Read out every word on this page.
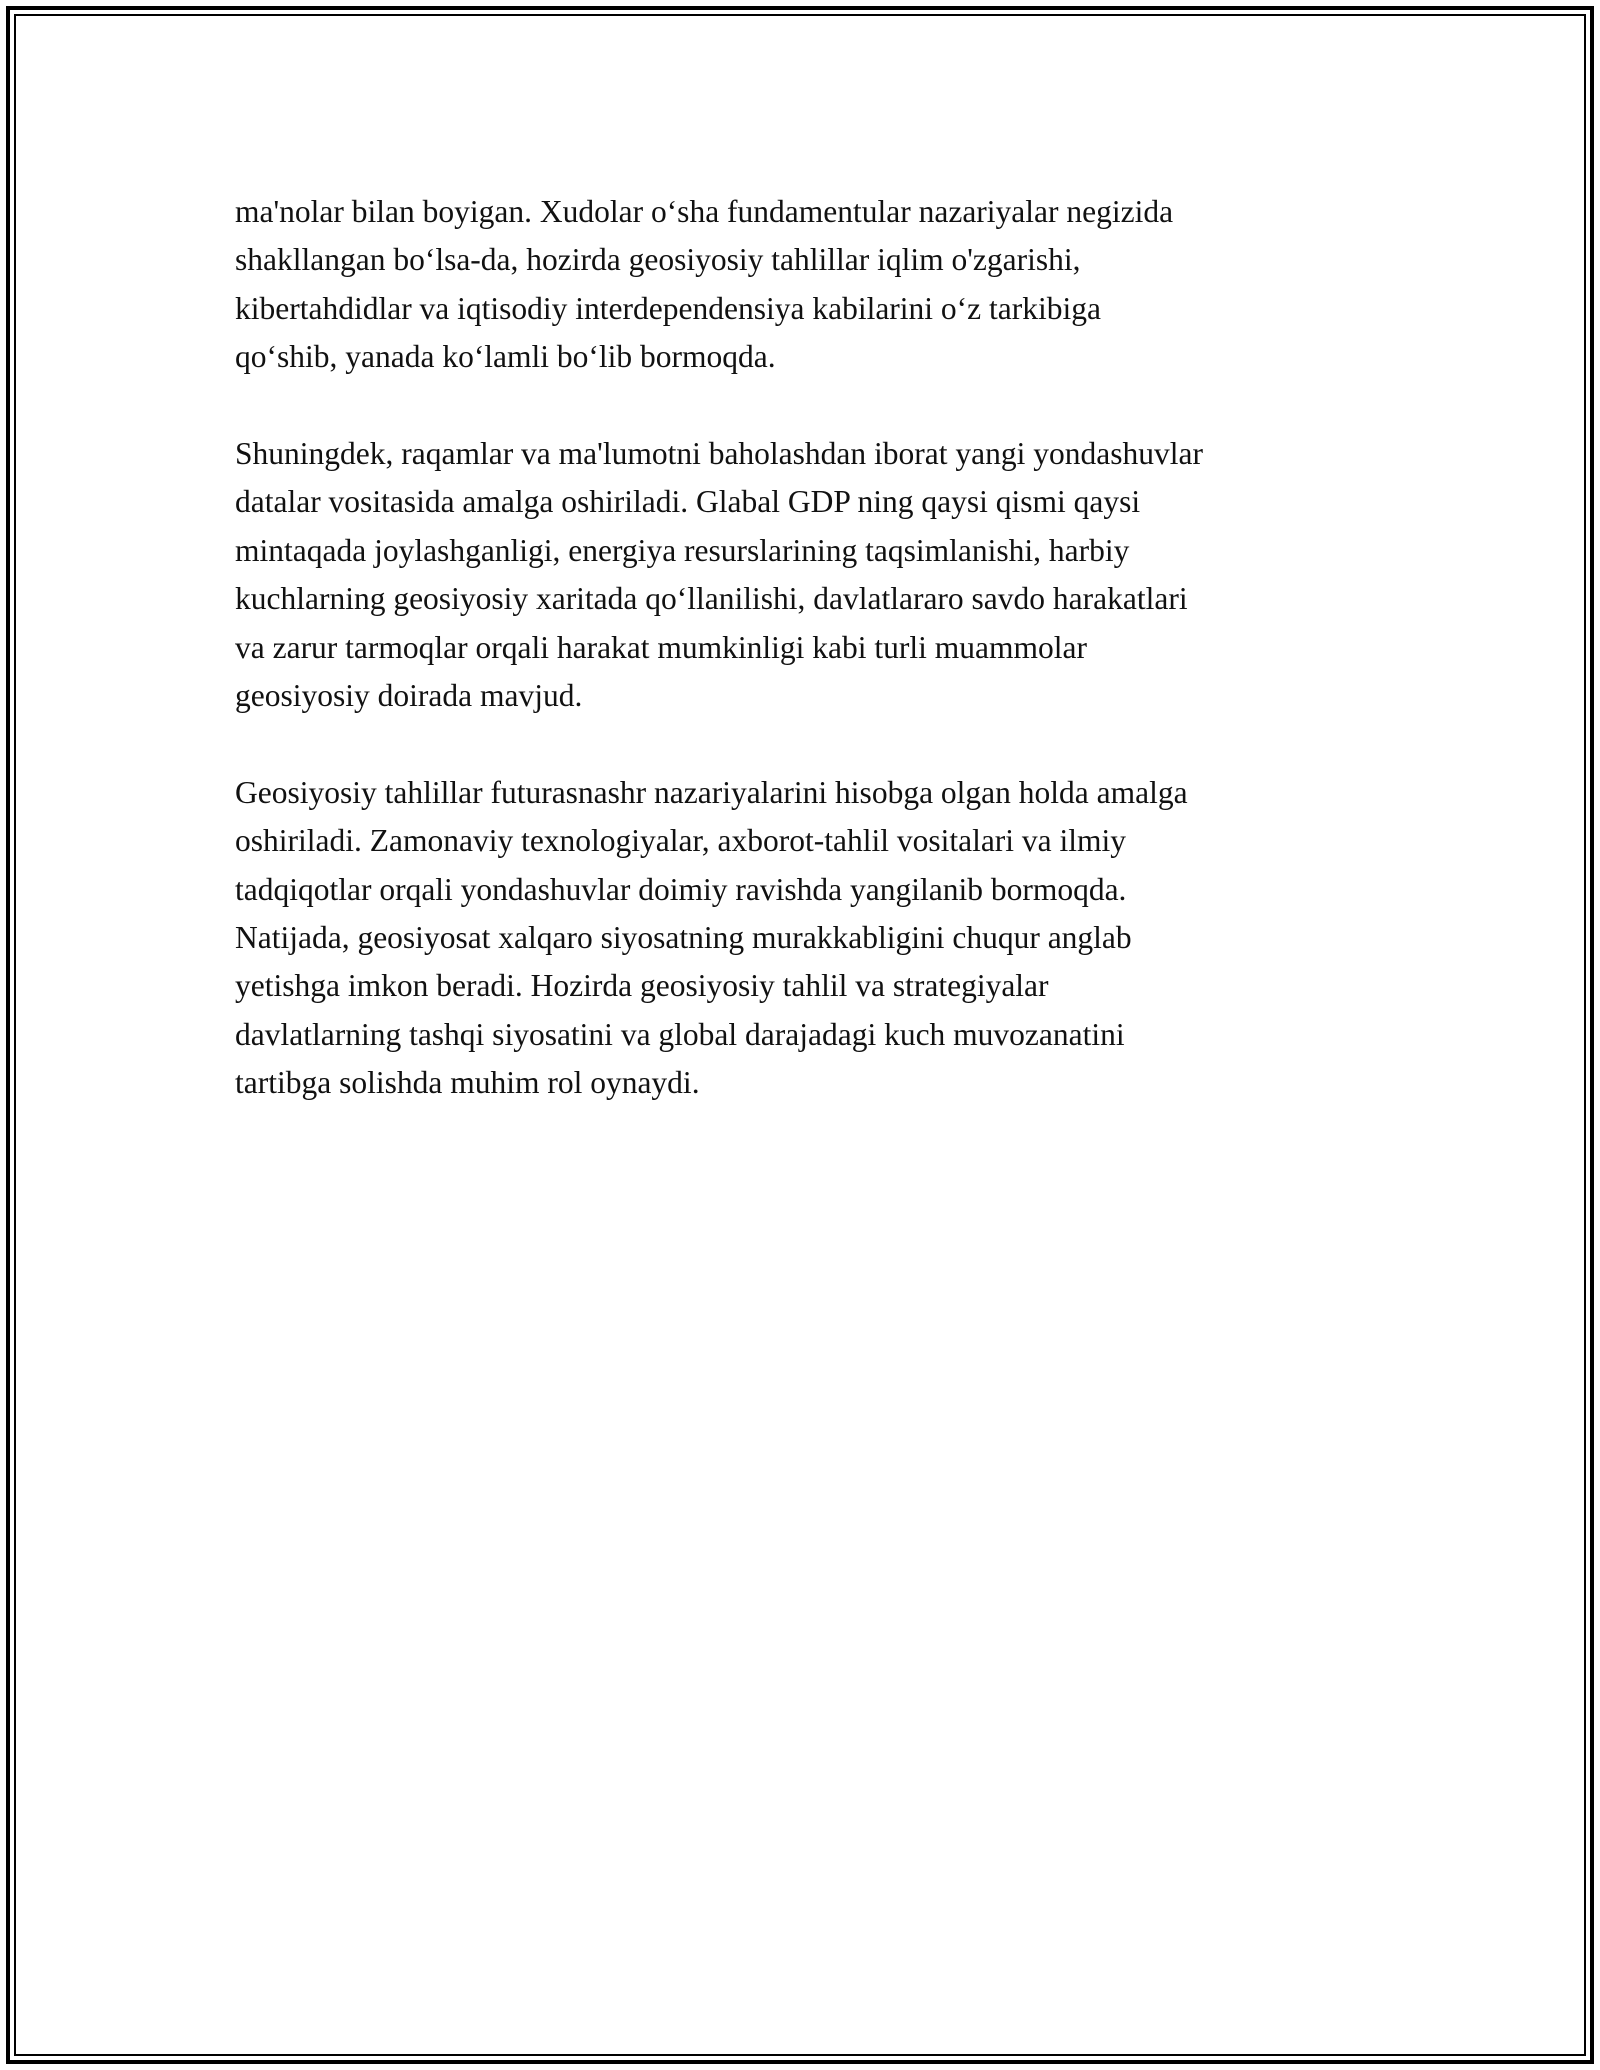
ma'nolar bilan boyigan. Xudolar o‘sha fundamentular nazariyalar negizida
shakllangan bo‘lsa-da, hozirda geosiyosiy tahlillar iqlim o'zgarishi,
kibertahdidlar va iqtisodiy interdependensiya kabilarini o‘z tarkibiga
qo‘shib, yanada ko‘lamli bo‘lib bormoqda.

Shuningdek, raqamlar va ma'lumotni baholashdan iborat yangi yondashuvlar
datalar vositasida amalga oshiriladi. Glabal GDP ning qaysi qismi qaysi
mintaqada joylashganligi, energiya resurslarining taqsimlanishi, harbiy
kuchlarning geosiyosiy xaritada qo‘llanilishi, davlatlararo savdo harakatlari
va zarur tarmoqlar orqali harakat mumkinligi kabi turli muammolar
geosiyosiy doirada mavjud.

Geosiyosiy tahlillar futurasnashr nazariyalarini hisobga olgan holda amalga
oshiriladi. Zamonaviy texnologiyalar, axborot-tahlil vositalari va ilmiy
tadqiqotlar orqali yondashuvlar doimiy ravishda yangilanib bormoqda.
Natijada, geosiyosat xalqaro siyosatning murakkabligini chuqur anglab
yetishga imkon beradi. Hozirda geosiyosiy tahlil va strategiyalar
davlatlarning tashqi siyosatini va global darajadagi kuch muvozanatini
tartibga solishda muhim rol oynaydi.
